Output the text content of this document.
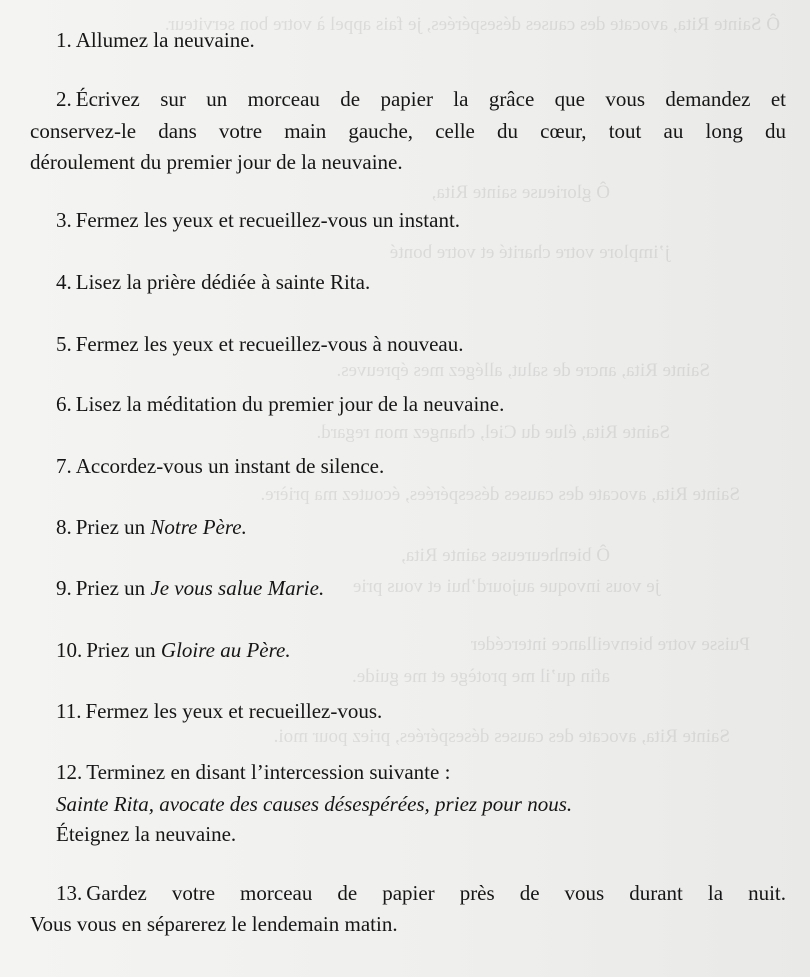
Ô Sainte Rita, avocate des causes désespérées, je fais appel à votre bon serviteur.
Ô glorieuse sainte Rita,
j’implore votre charité et votre bonté
Sainte Rita, ancre de salut, allégez mes épreuves.
Sainte Rita, élue du Ciel, changez mon regard.
Sainte Rita, avocate des causes désespérées, écoutez ma prière.
Ô bienheureuse sainte Rita,
je vous invoque aujourd’hui et vous prie
Puisse votre bienveillance intercéder
afin qu’il me protège et me guide.
Sainte Rita, avocate des causes désespérées, priez pour moi.
1. Allumez la neuvaine.
2. Écrivez sur un morceau de papier la grâce que vous demandez et
conservez-le dans votre main gauche, celle du cœur, tout au long du
déroulement du premier jour de la neuvaine.
3. Fermez les yeux et recueillez-vous un instant.
4. Lisez la prière dédiée à sainte Rita.
5. Fermez les yeux et recueillez-vous à nouveau.
6. Lisez la méditation du premier jour de la neuvaine.
7. Accordez-vous un instant de silence.
8. Priez un Notre Père.
9. Priez un Je vous salue Marie.
10. Priez un Gloire au Père.
11. Fermez les yeux et recueillez-vous.
12. Terminez en disant l’intercession suivante :
Sainte Rita, avocate des causes désespérées, priez pour nous.
Éteignez la neuvaine.
13. Gardez votre morceau de papier près de vous durant la nuit.
Vous vous en séparerez le lendemain matin.
